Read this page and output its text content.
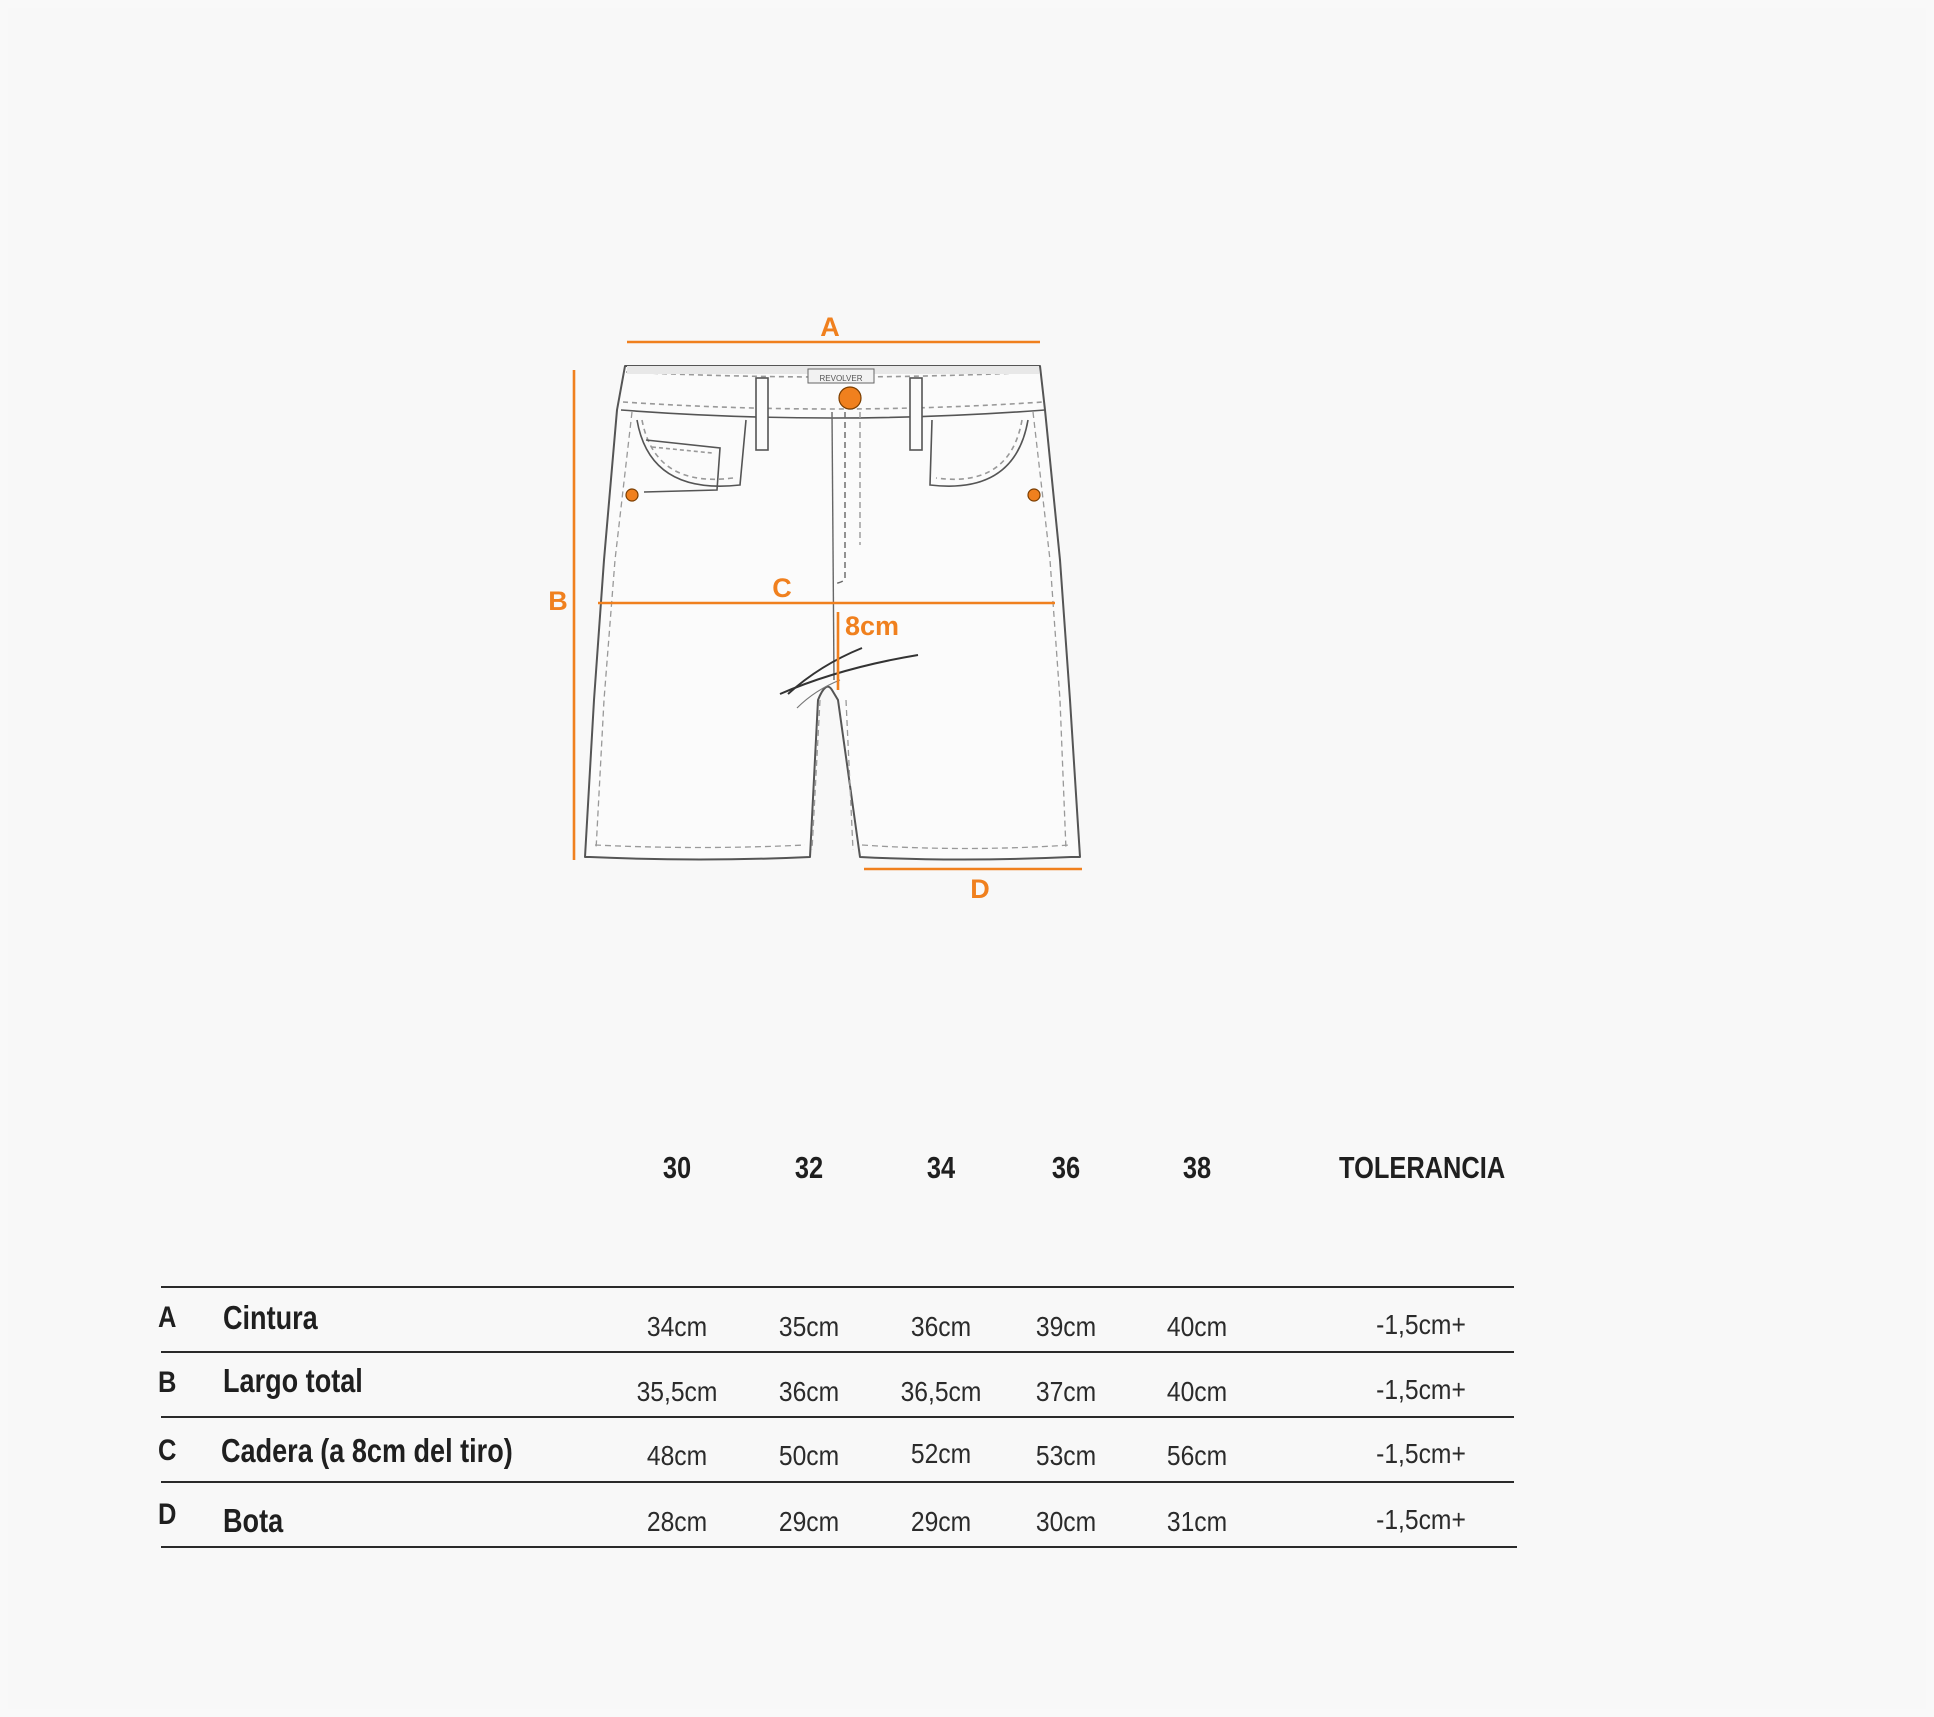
REVOLVER
A
B	C
8cm
D
30	32	34	36	38	TOLERANCIA
A Cintura	34cm	35cm	36cm	39cm	40cm	-1,5cm+
B Largo total	35,5cm	36cm	36,5cm	37cm	40cm	-1,5cm+
C Cadera (a 8cm del tiro)	48cm	50cm	52cm	53cm	56cm	-1,5cm+
D Bota	28cm	29cm	29cm	30cm	31cm	-1,5cm+
